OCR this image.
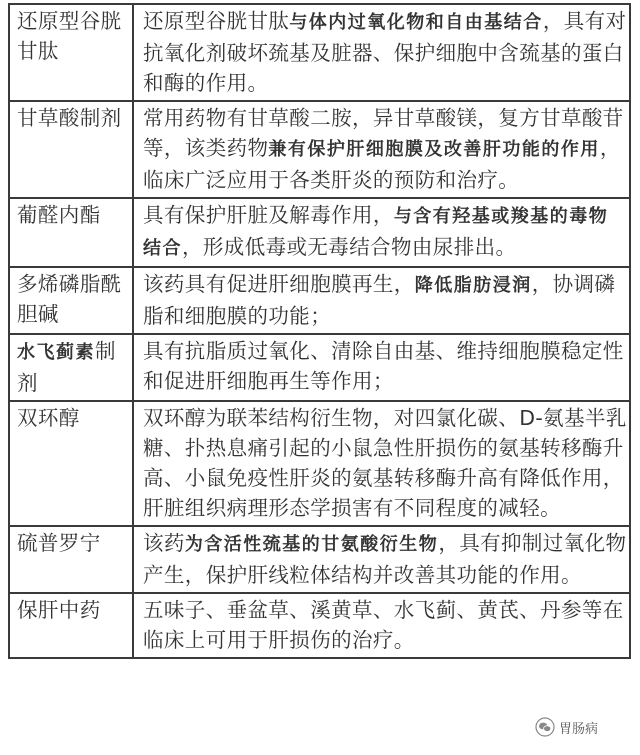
还原型谷胱甘肽	还原型谷胱甘肽与体内过氧化物和自由基结合，具有对抗氧化剂破坏巯基及脏器、保护细胞中含巯基的蛋白和酶的作用。
甘草酸制剂	常用药物有甘草酸二胺，异甘草酸镁，复方甘草酸苷等，该类药物兼有保护肝细胞膜及改善肝功能的作用，临床广泛应用于各类肝炎的预防和治疗。
葡醛内酯	具有保护肝脏及解毒作用，与含有羟基或羧基的毒物结合，形成低毒或无毒结合物由尿排出。
多烯磷脂酰胆碱	该药具有促进肝细胞膜再生，降低脂肪浸润，协调磷脂和细胞膜的功能；
水飞蓟素制剂	具有抗脂质过氧化、清除自由基、维持细胞膜稳定性和促进肝细胞再生等作用；
双环醇	双环醇为联苯结构衍生物，对四氯化碳、D-氨基半乳糖、扑热息痛引起的小鼠急性肝损伤的氨基转移酶升高、小鼠免疫性肝炎的氨基转移酶升高有降低作用，肝脏组织病理形态学损害有不同程度的减轻。
硫普罗宁	该药为含活性巯基的甘氨酸衍生物，具有抑制过氧化物产生，保护肝线粒体结构并改善其功能的作用。
保肝中药	五味子、垂盆草、溪黄草、水飞蓟、黄芪、丹参等在临床上可用于肝损伤的治疗。
胃肠病
